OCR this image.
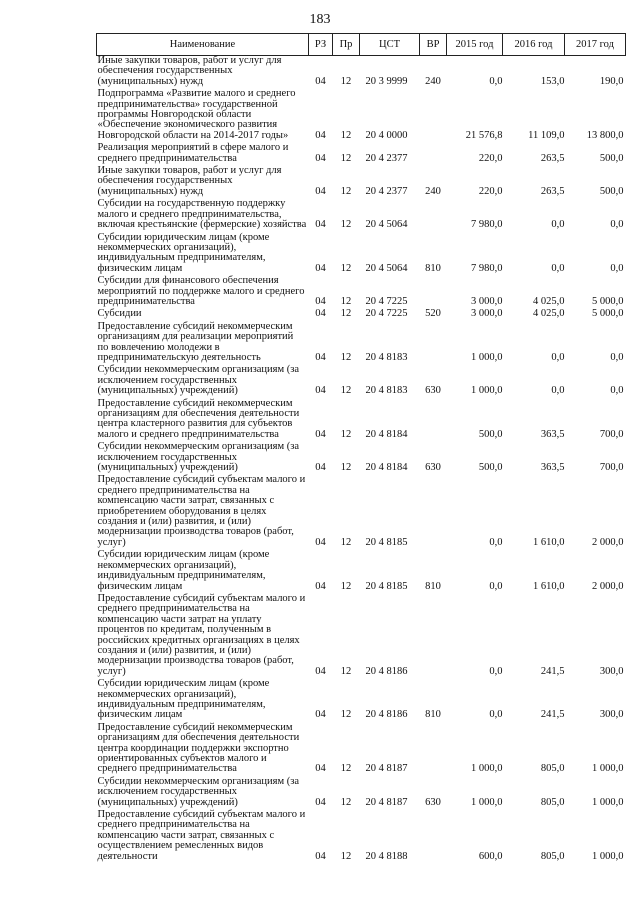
183
Наименование	РЗ	Пр	ЦСТ	ВР	2015 год	2016 год	2017 год
Иные закупки товаров, работ и услуг для обеспечения государственных (муниципальных) нужд	04	12	20 3 9999	240	0,0	153,0	190,0
Подпрограмма «Развитие малого и среднего предпринимательства» государственной программы Новгородской области «Обеспечение экономического развития Новгородской области на 2014-2017 годы»	04	12	20 4 0000		21 576,8	11 109,0	13 800,0
Реализация мероприятий в сфере малого и среднего предпринимательства	04	12	20 4 2377		220,0	263,5	500,0
Иные закупки товаров, работ и услуг для обеспечения государственных (муниципальных) нужд	04	12	20 4 2377	240	220,0	263,5	500,0
Субсидии на государственную поддержку малого и среднего предпринимательства, включая крестьянские (фермерские) хозяйства	04	12	20 4 5064		7 980,0	0,0	0,0
Субсидии юридическим лицам (кроме некоммерческих организаций), индивидуальным предпринимателям, физическим лицам	04	12	20 4 5064	810	7 980,0	0,0	0,0
Субсидии для финансового обеспечения мероприятий по поддержке малого и среднего предпринимательства	04	12	20 4 7225		3 000,0	4 025,0	5 000,0
Субсидии	04	12	20 4 7225	520	3 000,0	4 025,0	5 000,0
Предоставление субсидий некоммерческим организациям для реализации мероприятий по вовлечению молодежи в предпринимательскую деятельность	04	12	20 4 8183		1 000,0	0,0	0,0
Субсидии некоммерческим организациям (за исключением государственных (муниципальных) учреждений)	04	12	20 4 8183	630	1 000,0	0,0	0,0
Предоставление субсидий некоммерческим организациям для обеспечения деятельности центра кластерного развития для субъектов малого и среднего предпринимательства	04	12	20 4 8184		500,0	363,5	700,0
Субсидии некоммерческим организациям (за исключением государственных (муниципальных) учреждений)	04	12	20 4 8184	630	500,0	363,5	700,0
Предоставление субсидий субъектам малого и среднего предпринимательства на компенсацию части затрат, связанных с приобретением оборудования в целях создания и (или) развития, и (или) модернизации производства товаров (работ, услуг)	04	12	20 4 8185		0,0	1 610,0	2 000,0
Субсидии юридическим лицам (кроме некоммерческих организаций), индивидуальным предпринимателям, физическим лицам	04	12	20 4 8185	810	0,0	1 610,0	2 000,0
Предоставление субсидий субъектам малого и среднего предпринимательства на компенсацию части затрат на уплату процентов по кредитам, полученным в российских кредитных организациях в целях создания и (или) развития, и (или) модернизации производства товаров (работ, услуг)	04	12	20 4 8186		0,0	241,5	300,0
Субсидии юридическим лицам (кроме некоммерческих организаций), индивидуальным предпринимателям, физическим лицам	04	12	20 4 8186	810	0,0	241,5	300,0
Предоставление субсидий некоммерческим организациям для обеспечения деятельности центра координации поддержки экспортно ориентированных субъектов малого и среднего предпринимательства	04	12	20 4 8187		1 000,0	805,0	1 000,0
Субсидии некоммерческим организациям (за исключением государственных (муниципальных) учреждений)	04	12	20 4 8187	630	1 000,0	805,0	1 000,0
Предоставление субсидий субъектам малого и среднего предпринимательства на компенсацию части затрат, связанных с осуществлением ремесленных видов деятельности	04	12	20 4 8188		600,0	805,0	1 000,0
